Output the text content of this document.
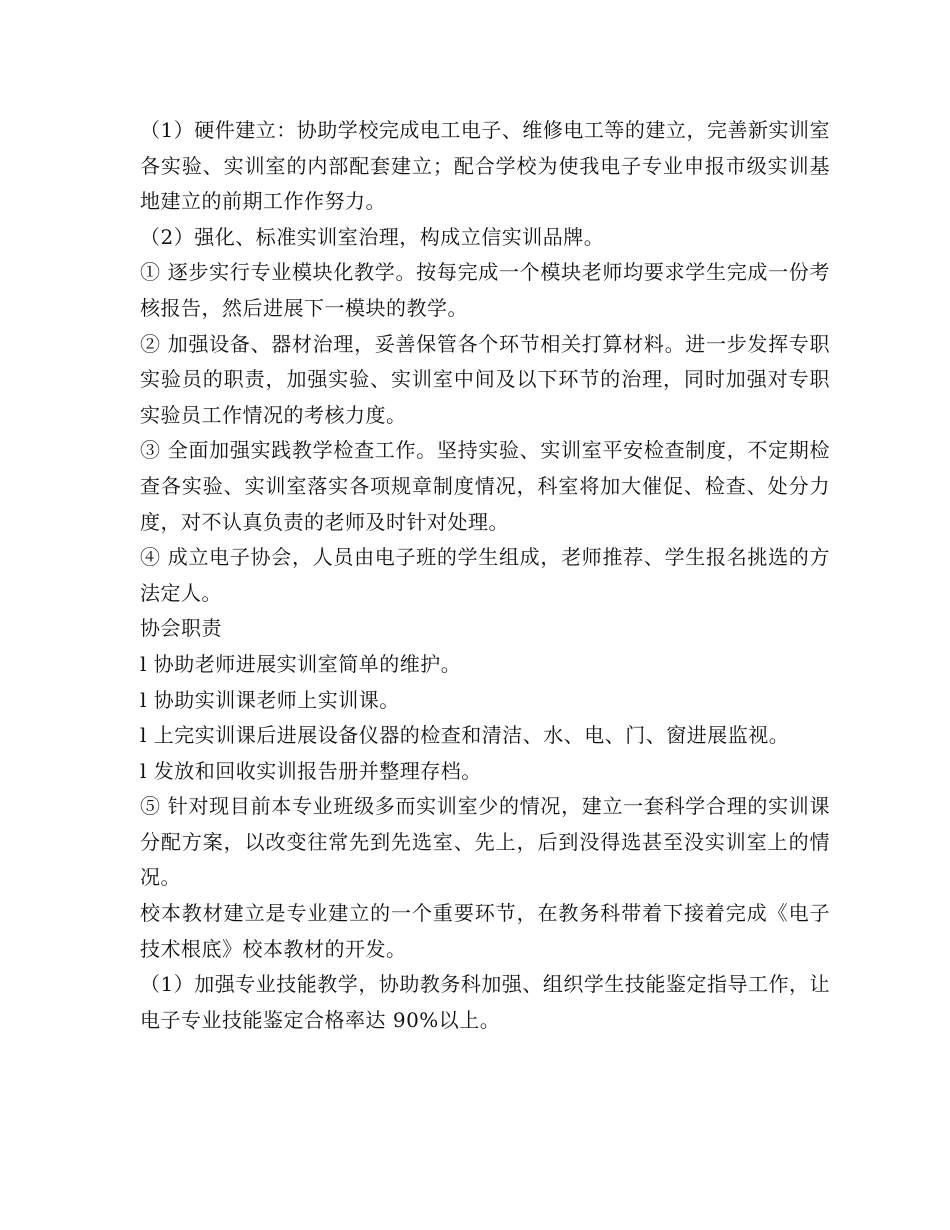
（1）硬件建立：协助学校完成电工电子、维修电工等的建立，完善新实训室各实验、实训室的内部配套建立；配合学校为使我电子专业申报市级实训基地建立的前期工作作努力。

（2）强化、标准实训室治理，构成立信实训品牌。

① 逐步实行专业模块化教学。按每完成一个模块老师均要求学生完成一份考核报告，然后进展下一模块的教学。

② 加强设备、器材治理，妥善保管各个环节相关打算材料。进一步发挥专职实验员的职责，加强实验、实训室中间及以下环节的治理，同时加强对专职实验员工作情况的考核力度。

③ 全面加强实践教学检查工作。坚持实验、实训室平安检查制度，不定期检查各实验、实训室落实各项规章制度情况，科室将加大催促、检查、处分力度，对不认真负责的老师及时针对处理。

④ 成立电子协会，人员由电子班的学生组成，老师推荐、学生报名挑选的方法定人。

协会职责

l 协助老师进展实训室简单的维护。

l 协助实训课老师上实训课。

l 上完实训课后进展设备仪器的检查和清洁、水、电、门、窗进展监视。

l 发放和回收实训报告册并整理存档。

⑤ 针对现目前本专业班级多而实训室少的情况，建立一套科学合理的实训课分配方案，以改变往常先到先选室、先上，后到没得选甚至没实训室上的情况。

校本教材建立是专业建立的一个重要环节，在教务科带着下接着完成《电子技术根底》校本教材的开发。

（1）加强专业技能教学，协助教务科加强、组织学生技能鉴定指导工作，让电子专业技能鉴定合格率达 90%以上。
